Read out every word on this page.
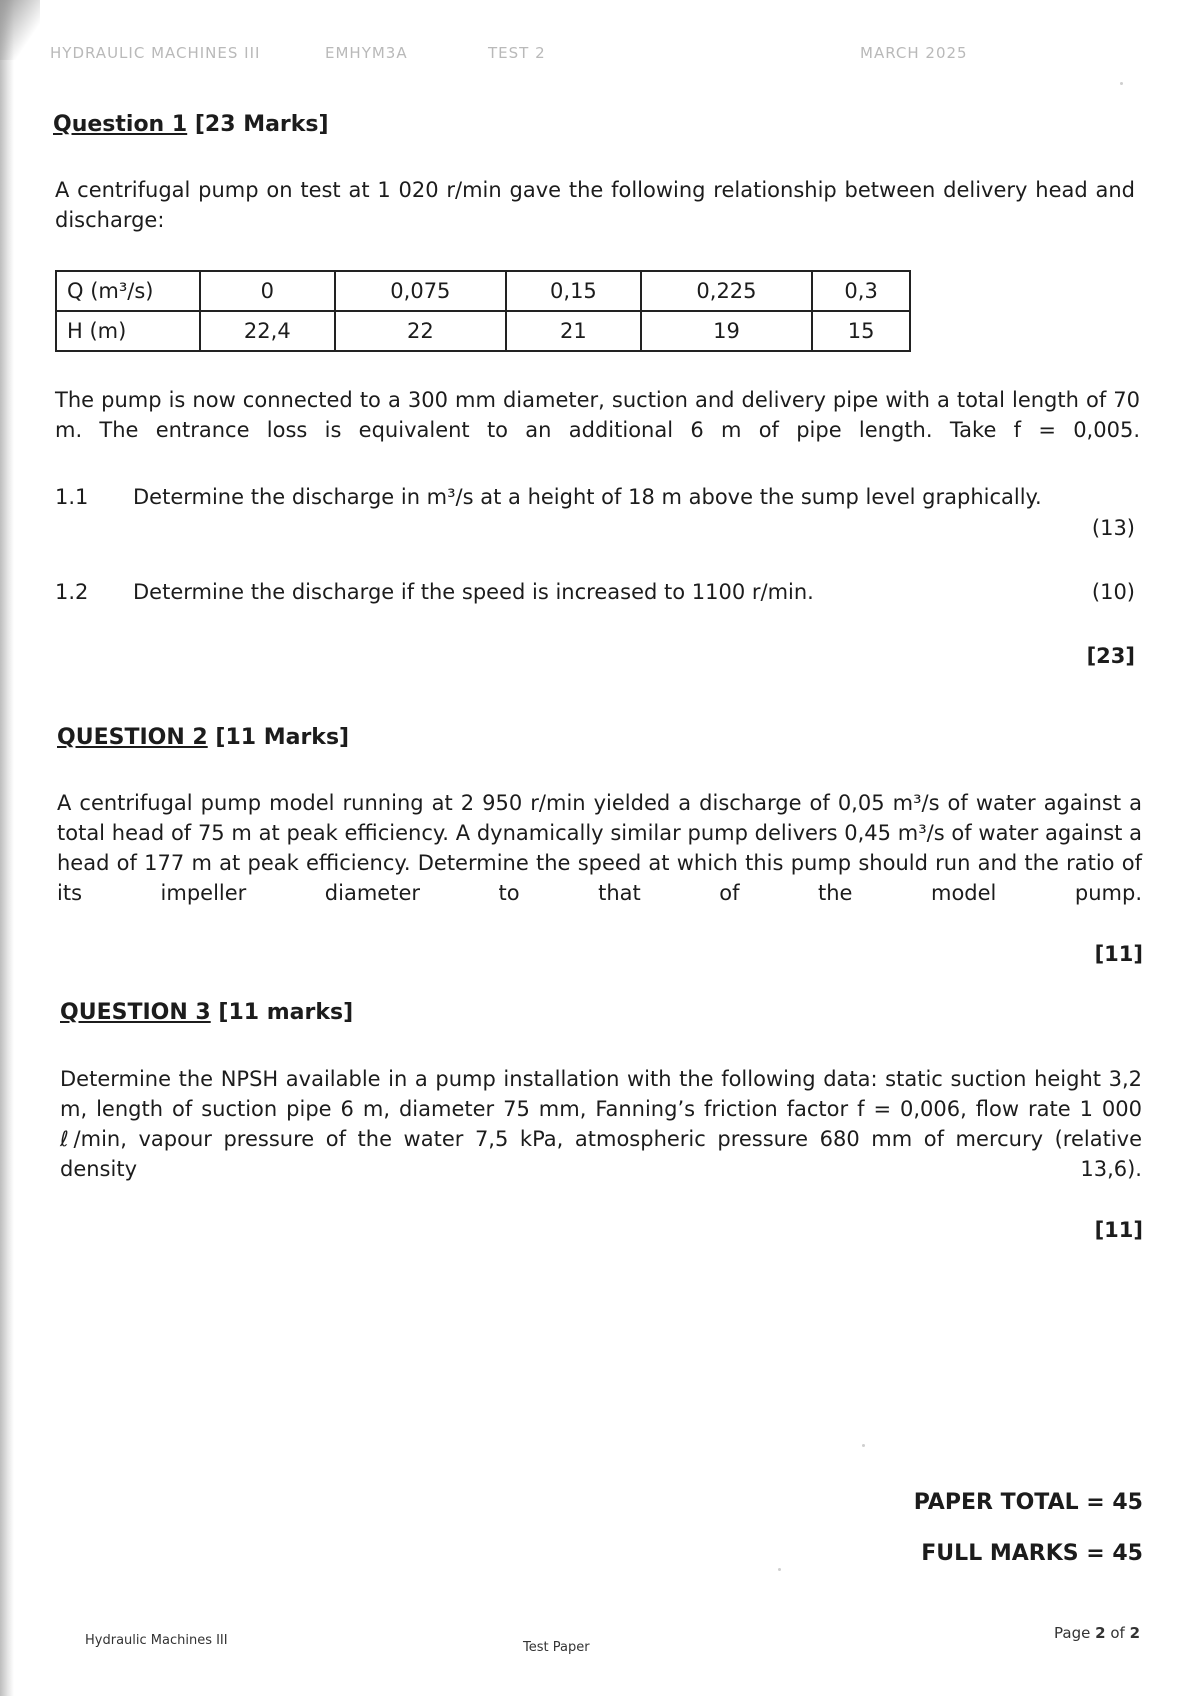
HYDRAULIC MACHINES III	EMHYM3A	TEST 2	MARCH 2025
Question 1 [23 Marks]
A centrifugal pump on test at 1 020 r/min gave the following relationship between delivery head and discharge:
Q (m³/s)	0	0,075	0,15	0,225	0,3
H (m)	22,4	22	21	19	15
The pump is now connected to a 300 mm diameter, suction and delivery pipe with a total length of 70 m. The entrance loss is equivalent to an additional 6 m of pipe length. Take f = 0,005.
1.1 Determine the discharge in m³/s at a height of 18 m above the sump level graphically.
(13)
1.2 Determine the discharge if the speed is increased to 1100 r/min.	(10)
[23]
QUESTION 2 [11 Marks]
A centrifugal pump model running at 2 950 r/min yielded a discharge of 0,05 m³/s of water against a total head of 75 m at peak efficiency. A dynamically similar pump delivers 0,45 m³/s of water against a head of 177 m at peak efficiency. Determine the speed at which this pump should run and the ratio of its impeller diameter to that of the model pump.
[11]
QUESTION 3 [11 marks]
Determine the NPSH available in a pump installation with the following data: static suction height 3,2 m, length of suction pipe 6 m, diameter 75 mm, Fanning’s friction factor f = 0,006, flow rate 1 000 ℓ/min, vapour pressure of the water 7,5 kPa, atmospheric pressure 680 mm of mercury (relative density 13,6).
[11]
PAPER TOTAL = 45
FULL MARKS = 45
Hydraulic Machines III	Test Paper
Page 2 of 2
